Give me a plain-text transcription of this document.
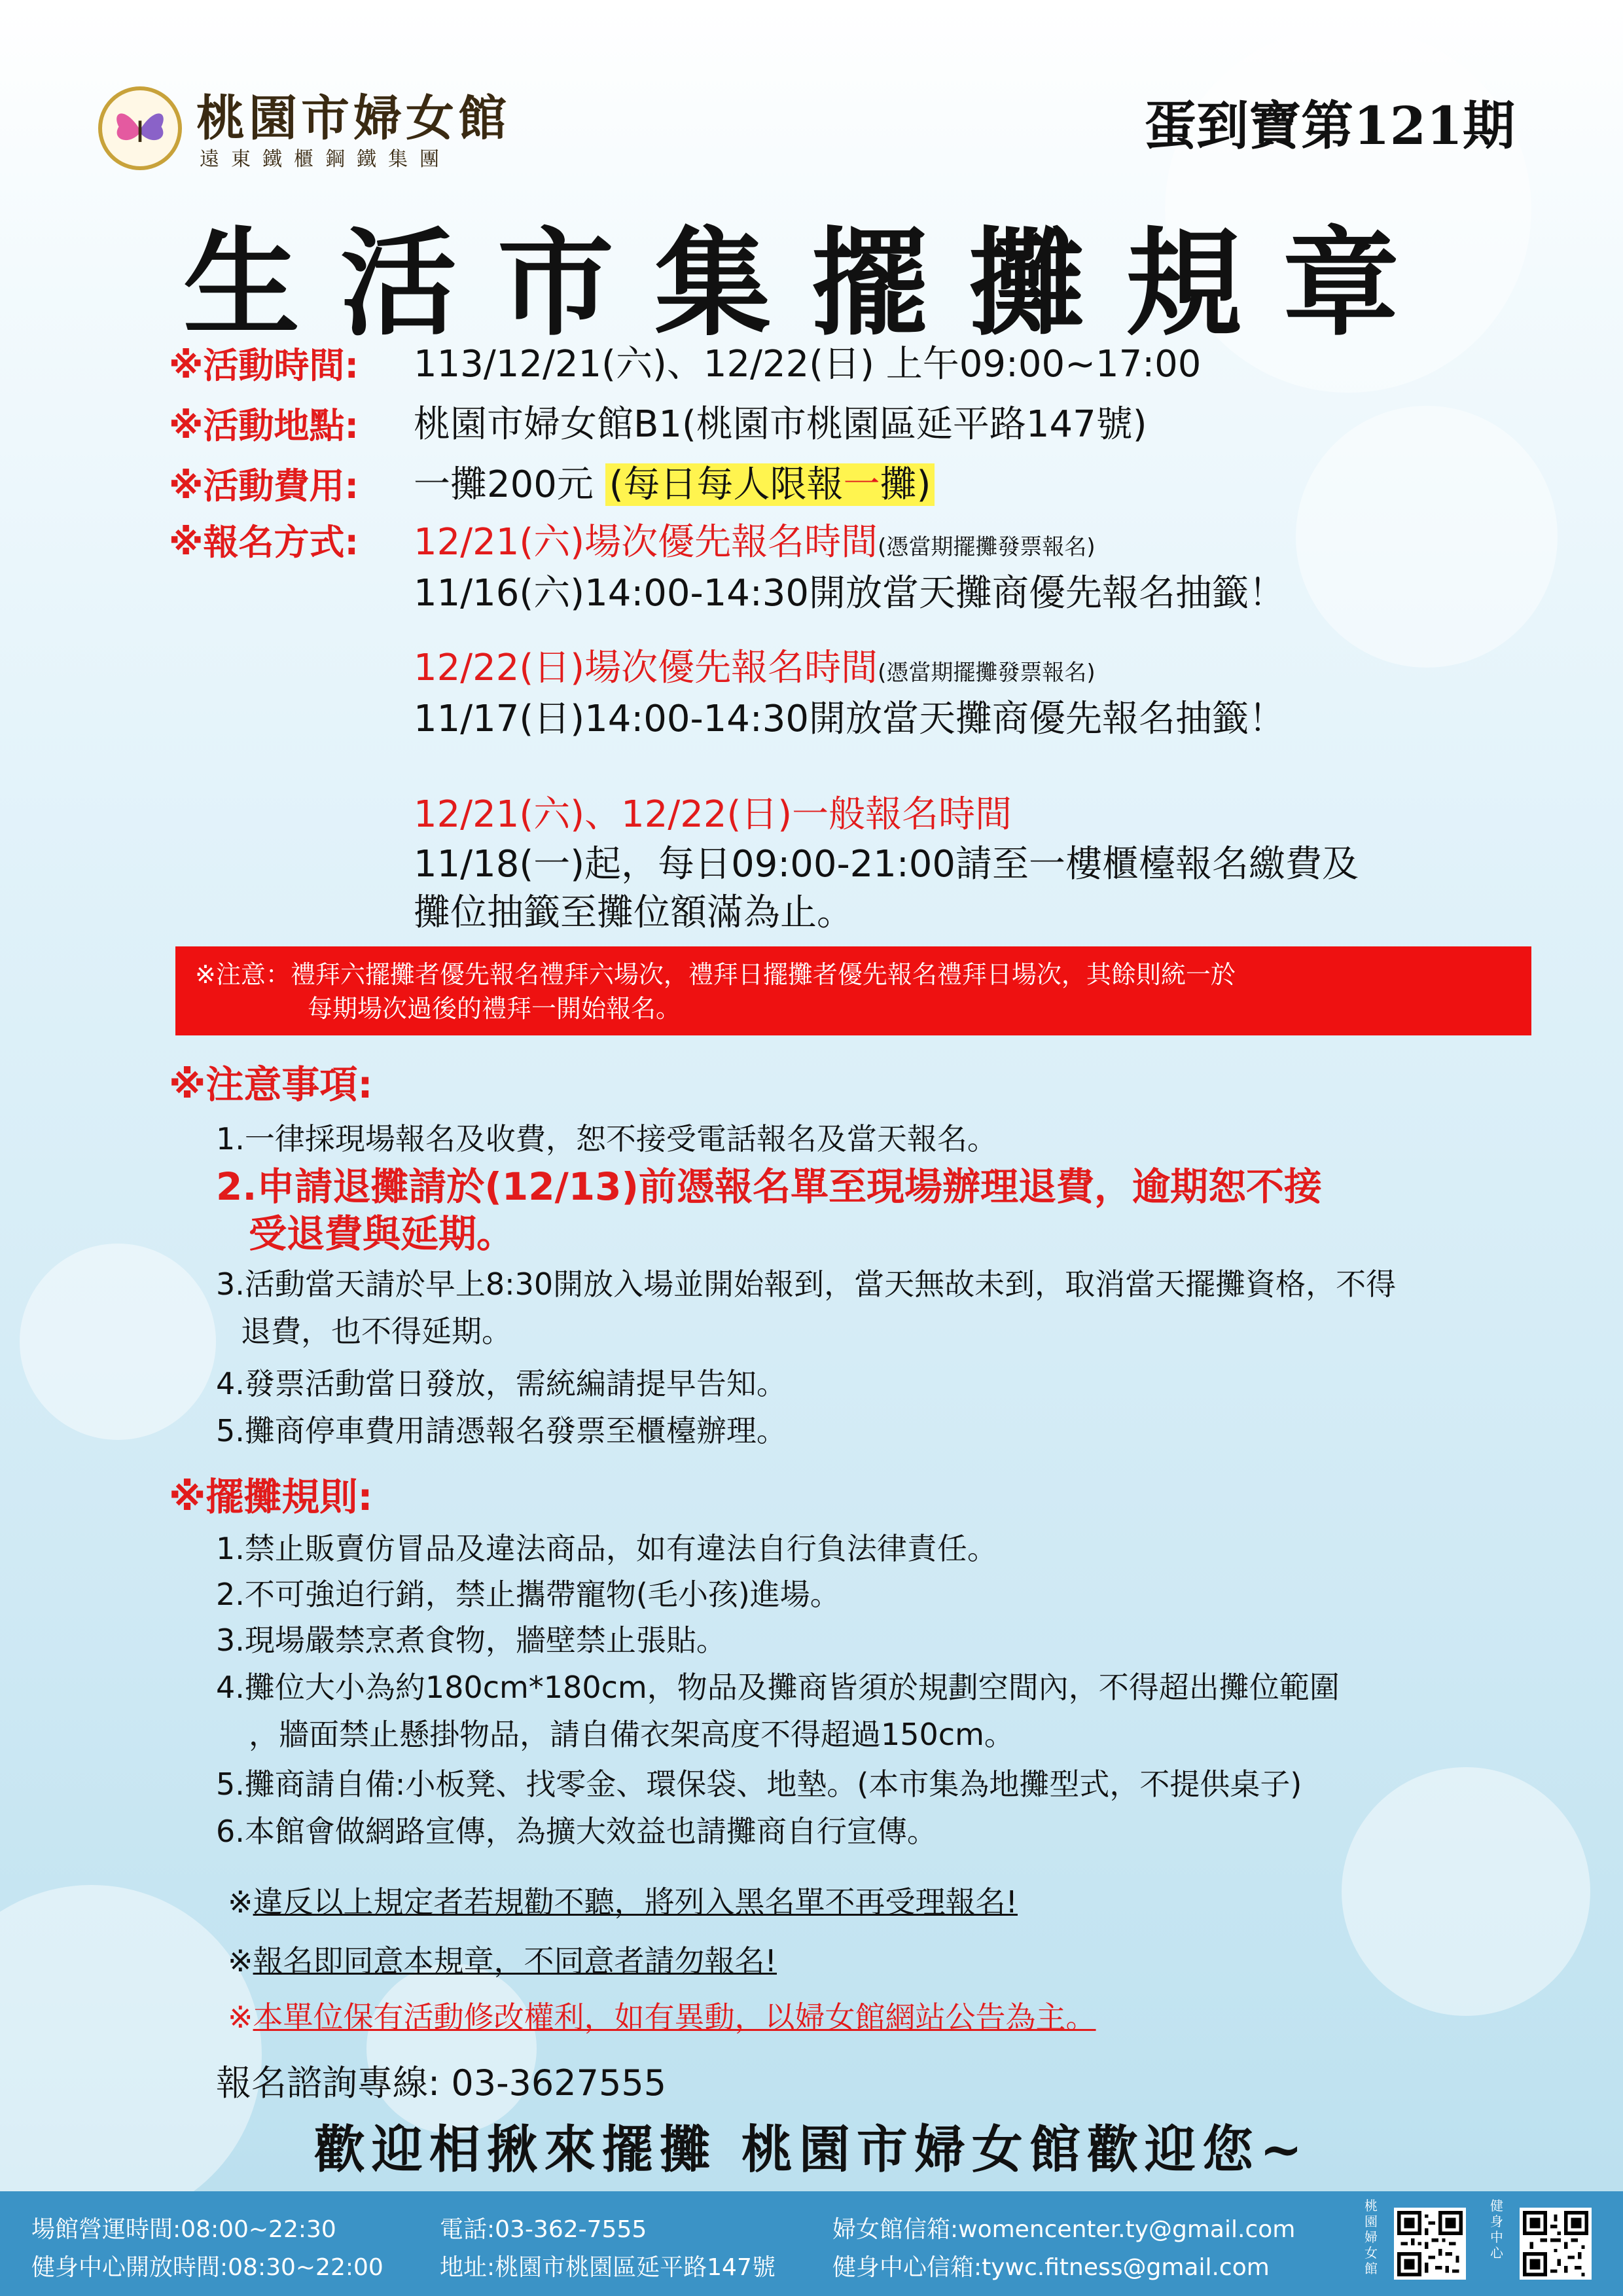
桃園市婦女館
遠東鐵櫃鋼鐵集團
蛋到寶第121期
生活市集擺攤規章
※活動時間: 113/12/21(六)、12/22(日) 上午09:00~17:00
※活動地點: 桃園市婦女館B1(桃園市桃園區延平路147號)
※活動費用: 一攤200元 (每日每人限報一攤)
※報名方式: 12/21(六)場次優先報名時間(憑當期擺攤發票報名)
11/16(六)14:00-14:30開放當天攤商優先報名抽籤！
12/22(日)場次優先報名時間(憑當期擺攤發票報名)
11/17(日)14:00-14:30開放當天攤商優先報名抽籤！
12/21(六)、12/22(日)一般報名時間
11/18(一)起，每日09:00-21:00請至一樓櫃檯報名繳費及
攤位抽籤至攤位額滿為止。
※注意：禮拜六擺攤者優先報名禮拜六場次，禮拜日擺攤者優先報名禮拜日場次，其餘則統一於
每期場次過後的禮拜一開始報名。
※注意事項:
1.一律採現場報名及收費，恕不接受電話報名及當天報名。
2.申請退攤請於(12/13)前憑報名單至現場辦理退費，逾期恕不接
受退費與延期。
3.活動當天請於早上8:30開放入場並開始報到，當天無故未到，取消當天擺攤資格，不得
退費，也不得延期。
4.發票活動當日發放，需統編請提早告知。
5.攤商停車費用請憑報名發票至櫃檯辦理。
※擺攤規則:
1.禁止販賣仿冒品及違法商品，如有違法自行負法律責任。
2.不可強迫行銷，禁止攜帶寵物(毛小孩)進場。
3.現場嚴禁烹煮食物，牆壁禁止張貼。
4.攤位大小為約180cm*180cm，物品及攤商皆須於規劃空間內，不得超出攤位範圍
，牆面禁止懸掛物品，請自備衣架高度不得超過150cm。
5.攤商請自備:小板凳、找零金、環保袋、地墊。(本市集為地攤型式，不提供桌子)
6.本館會做網路宣傳，為擴大效益也請攤商自行宣傳。
※違反以上規定者若規勸不聽，將列入黑名單不再受理報名!
※報名即同意本規章，不同意者請勿報名!
※本單位保有活動修改權利，如有異動，以婦女館網站公告為主。
報名諮詢專線: 03-3627555
歡迎相揪來擺攤 桃園市婦女館歡迎您~
場館營運時間:08:00~22:30
健身中心開放時間:08:30~22:00
電話:03-362-7555
地址:桃園市桃園區延平路147號
婦女館信箱:womencenter.ty@gmail.com
健身中心信箱:tywc.fitness@gmail.com
桃園婦女館
健身中心
